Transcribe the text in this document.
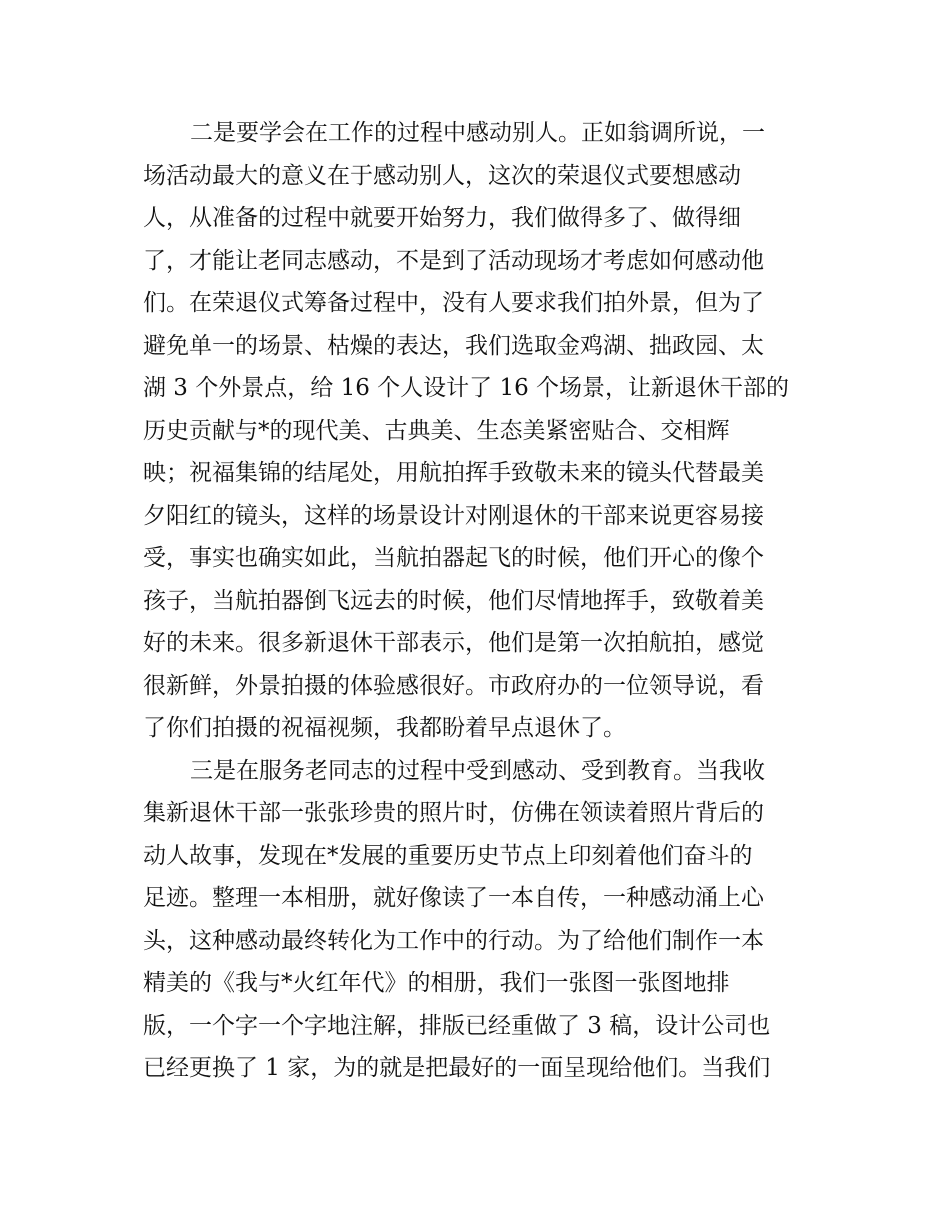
二是要学会在工作的过程中感动别人。正如翁调所说，一
场活动最大的意义在于感动别人，这次的荣退仪式要想感动
人，从准备的过程中就要开始努力，我们做得多了、做得细
了，才能让老同志感动，不是到了活动现场才考虑如何感动他
们。在荣退仪式筹备过程中，没有人要求我们拍外景，但为了
避免单一的场景、枯燥的表达，我们选取金鸡湖、拙政园、太
湖 3 个外景点，给 16 个人设计了 16 个场景，让新退休干部的
历史贡献与*的现代美、古典美、生态美紧密贴合、交相辉
映；祝福集锦的结尾处，用航拍挥手致敬未来的镜头代替最美
夕阳红的镜头，这样的场景设计对刚退休的干部来说更容易接
受，事实也确实如此，当航拍器起飞的时候，他们开心的像个
孩子，当航拍器倒飞远去的时候，他们尽情地挥手，致敬着美
好的未来。很多新退休干部表示，他们是第一次拍航拍，感觉
很新鲜，外景拍摄的体验感很好。市政府办的一位领导说，看
了你们拍摄的祝福视频，我都盼着早点退休了。
三是在服务老同志的过程中受到感动、受到教育。当我收
集新退休干部一张张珍贵的照片时，仿佛在领读着照片背后的
动人故事，发现在*发展的重要历史节点上印刻着他们奋斗的
足迹。整理一本相册，就好像读了一本自传，一种感动涌上心
头，这种感动最终转化为工作中的行动。为了给他们制作一本
精美的《我与*火红年代》的相册，我们一张图一张图地排
版，一个字一个字地注解，排版已经重做了 3 稿，设计公司也
已经更换了 1 家，为的就是把最好的一面呈现给他们。当我们
